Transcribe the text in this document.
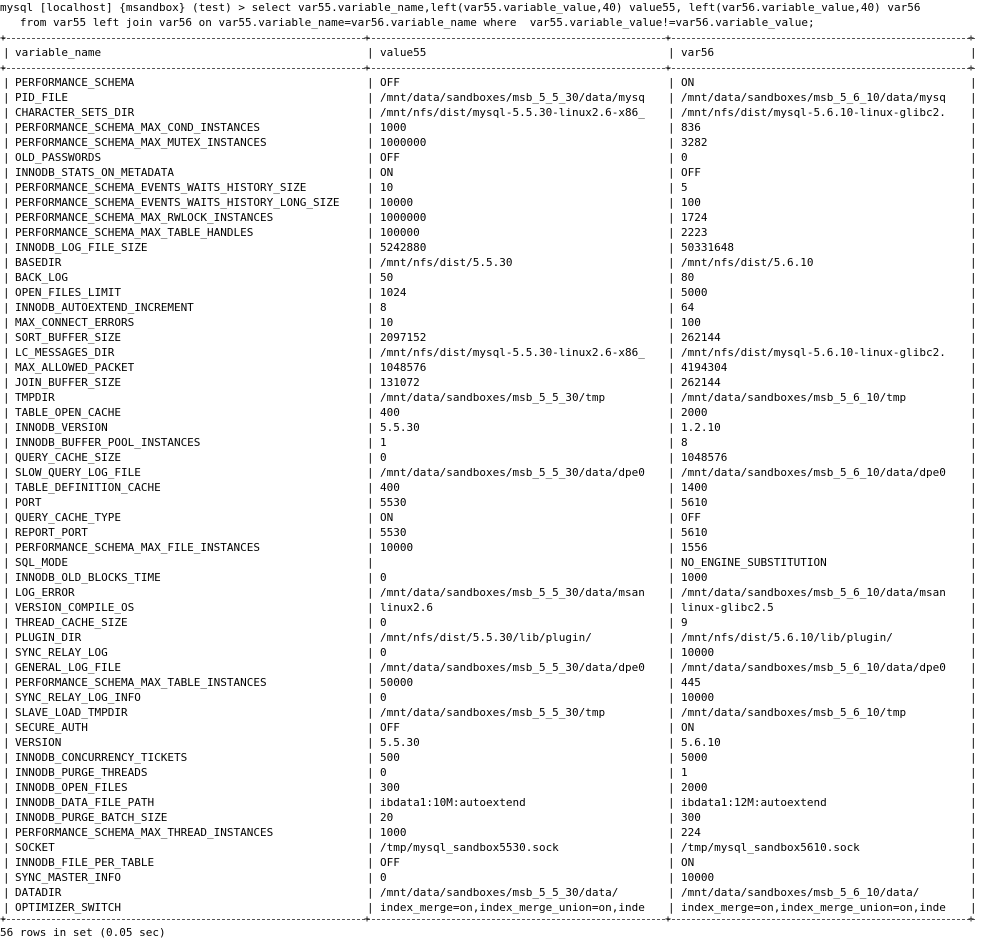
mysql [localhost] {msandbox} (test) > select var55.variable_name,left(var55.variable_value,40) value55, left(var56.variable_value,40) var56
from var55 left join var56 on var55.variable_name=var56.variable_name where  var55.variable_value!=var56.variable_value;
+	+	+	+
| variable_name	| value55	| var56	|
+	+	+	+
| PERFORMANCE_SCHEMA	| OFF	| ON	|
| PID_FILE	| /mnt/data/sandboxes/msb_5_5_30/data/mysq	| /mnt/data/sandboxes/msb_5_6_10/data/mysq	|
| CHARACTER_SETS_DIR	| /mnt/nfs/dist/mysql-5.5.30-linux2.6-x86_	| /mnt/nfs/dist/mysql-5.6.10-linux-glibc2.	|
| PERFORMANCE_SCHEMA_MAX_COND_INSTANCES	| 1000	| 836	|
| PERFORMANCE_SCHEMA_MAX_MUTEX_INSTANCES	| 1000000	| 3282	|
| OLD_PASSWORDS	| OFF	| 0	|
| INNODB_STATS_ON_METADATA	| ON	| OFF	|
| PERFORMANCE_SCHEMA_EVENTS_WAITS_HISTORY_SIZE	| 10	| 5	|
| PERFORMANCE_SCHEMA_EVENTS_WAITS_HISTORY_LONG_SIZE	| 10000	| 100	|
| PERFORMANCE_SCHEMA_MAX_RWLOCK_INSTANCES	| 1000000	| 1724	|
| PERFORMANCE_SCHEMA_MAX_TABLE_HANDLES	| 100000	| 2223	|
| INNODB_LOG_FILE_SIZE	| 5242880	| 50331648	|
| BASEDIR	| /mnt/nfs/dist/5.5.30	| /mnt/nfs/dist/5.6.10	|
| BACK_LOG	| 50	| 80	|
| OPEN_FILES_LIMIT	| 1024	| 5000	|
| INNODB_AUTOEXTEND_INCREMENT	| 8	| 64	|
| MAX_CONNECT_ERRORS	| 10	| 100	|
| SORT_BUFFER_SIZE	| 2097152	| 262144	|
| LC_MESSAGES_DIR	| /mnt/nfs/dist/mysql-5.5.30-linux2.6-x86_	| /mnt/nfs/dist/mysql-5.6.10-linux-glibc2.	|
| MAX_ALLOWED_PACKET	| 1048576	| 4194304	|
| JOIN_BUFFER_SIZE	| 131072	| 262144	|
| TMPDIR	| /mnt/data/sandboxes/msb_5_5_30/tmp	| /mnt/data/sandboxes/msb_5_6_10/tmp	|
| TABLE_OPEN_CACHE	| 400	| 2000	|
| INNODB_VERSION	| 5.5.30	| 1.2.10	|
| INNODB_BUFFER_POOL_INSTANCES	| 1	| 8	|
| QUERY_CACHE_SIZE	| 0	| 1048576	|
| SLOW_QUERY_LOG_FILE	| /mnt/data/sandboxes/msb_5_5_30/data/dpe0	| /mnt/data/sandboxes/msb_5_6_10/data/dpe0	|
| TABLE_DEFINITION_CACHE	| 400	| 1400	|
| PORT	| 5530	| 5610	|
| QUERY_CACHE_TYPE	| ON	| OFF	|
| REPORT_PORT	| 5530	| 5610	|
| PERFORMANCE_SCHEMA_MAX_FILE_INSTANCES	| 10000	| 1556	|
| SQL_MODE	|	| NO_ENGINE_SUBSTITUTION	|
| INNODB_OLD_BLOCKS_TIME	| 0	| 1000	|
| LOG_ERROR	| /mnt/data/sandboxes/msb_5_5_30/data/msan	| /mnt/data/sandboxes/msb_5_6_10/data/msan	|
| VERSION_COMPILE_OS	| linux2.6	| linux-glibc2.5	|
| THREAD_CACHE_SIZE	| 0	| 9	|
| PLUGIN_DIR	| /mnt/nfs/dist/5.5.30/lib/plugin/	| /mnt/nfs/dist/5.6.10/lib/plugin/	|
| SYNC_RELAY_LOG	| 0	| 10000	|
| GENERAL_LOG_FILE	| /mnt/data/sandboxes/msb_5_5_30/data/dpe0	| /mnt/data/sandboxes/msb_5_6_10/data/dpe0	|
| PERFORMANCE_SCHEMA_MAX_TABLE_INSTANCES	| 50000	| 445	|
| SYNC_RELAY_LOG_INFO	| 0	| 10000	|
| SLAVE_LOAD_TMPDIR	| /mnt/data/sandboxes/msb_5_5_30/tmp	| /mnt/data/sandboxes/msb_5_6_10/tmp	|
| SECURE_AUTH	| OFF	| ON	|
| VERSION	| 5.5.30	| 5.6.10	|
| INNODB_CONCURRENCY_TICKETS	| 500	| 5000	|
| INNODB_PURGE_THREADS	| 0	| 1	|
| INNODB_OPEN_FILES	| 300	| 2000	|
| INNODB_DATA_FILE_PATH	| ibdata1:10M:autoextend	| ibdata1:12M:autoextend	|
| INNODB_PURGE_BATCH_SIZE	| 20	| 300	|
| PERFORMANCE_SCHEMA_MAX_THREAD_INSTANCES	| 1000	| 224	|
| SOCKET	| /tmp/mysql_sandbox5530.sock	| /tmp/mysql_sandbox5610.sock	|
| INNODB_FILE_PER_TABLE	| OFF	| ON	|
| SYNC_MASTER_INFO	| 0	| 10000	|
| DATADIR	| /mnt/data/sandboxes/msb_5_5_30/data/	| /mnt/data/sandboxes/msb_5_6_10/data/	|
| OPTIMIZER_SWITCH	| index_merge=on,index_merge_union=on,inde	| index_merge=on,index_merge_union=on,inde	|
+	+	+	+
56 rows in set (0.05 sec)
